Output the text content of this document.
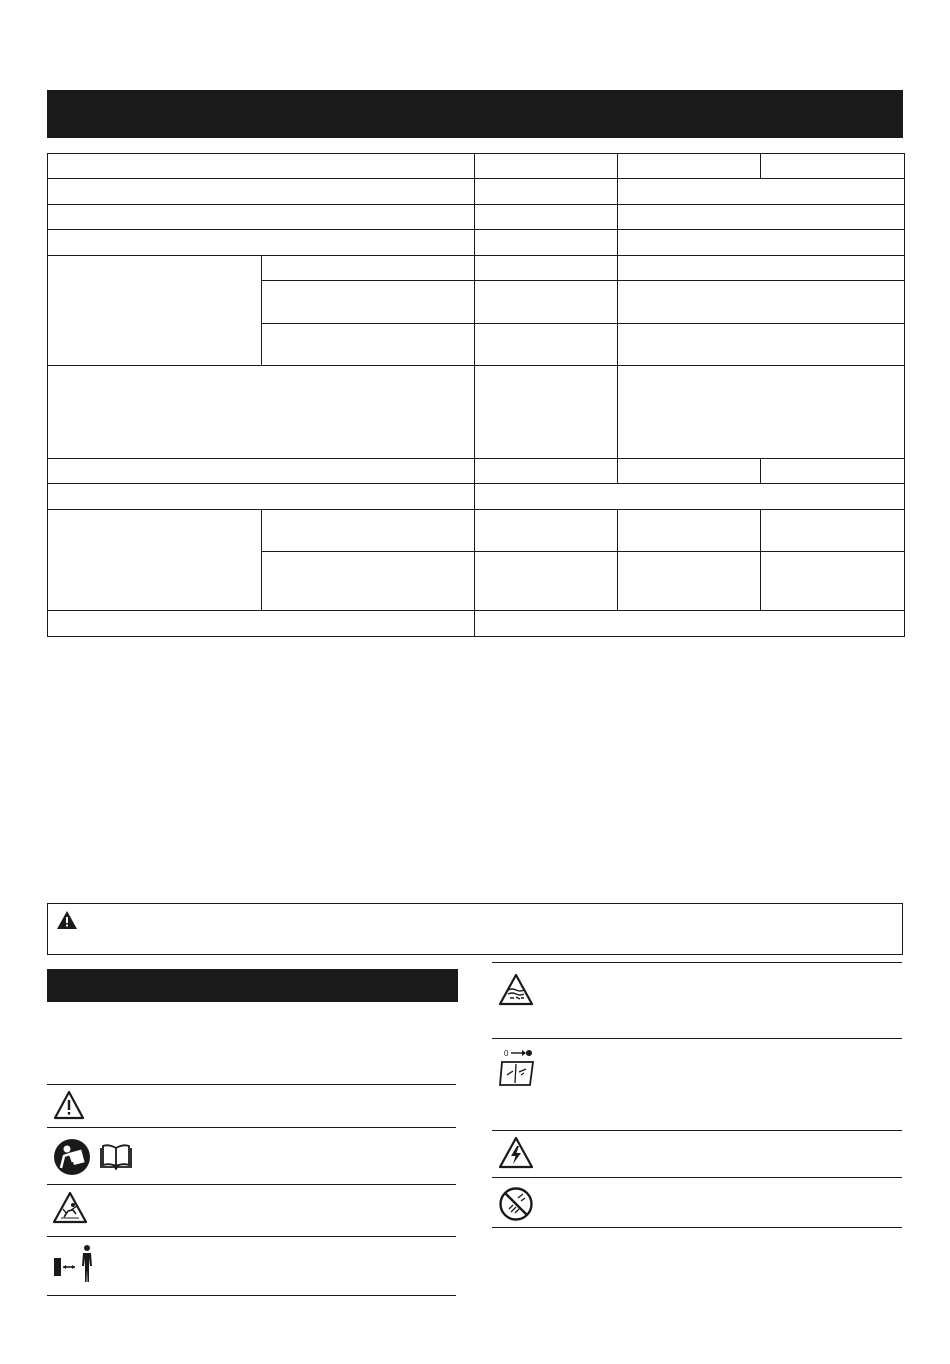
0
